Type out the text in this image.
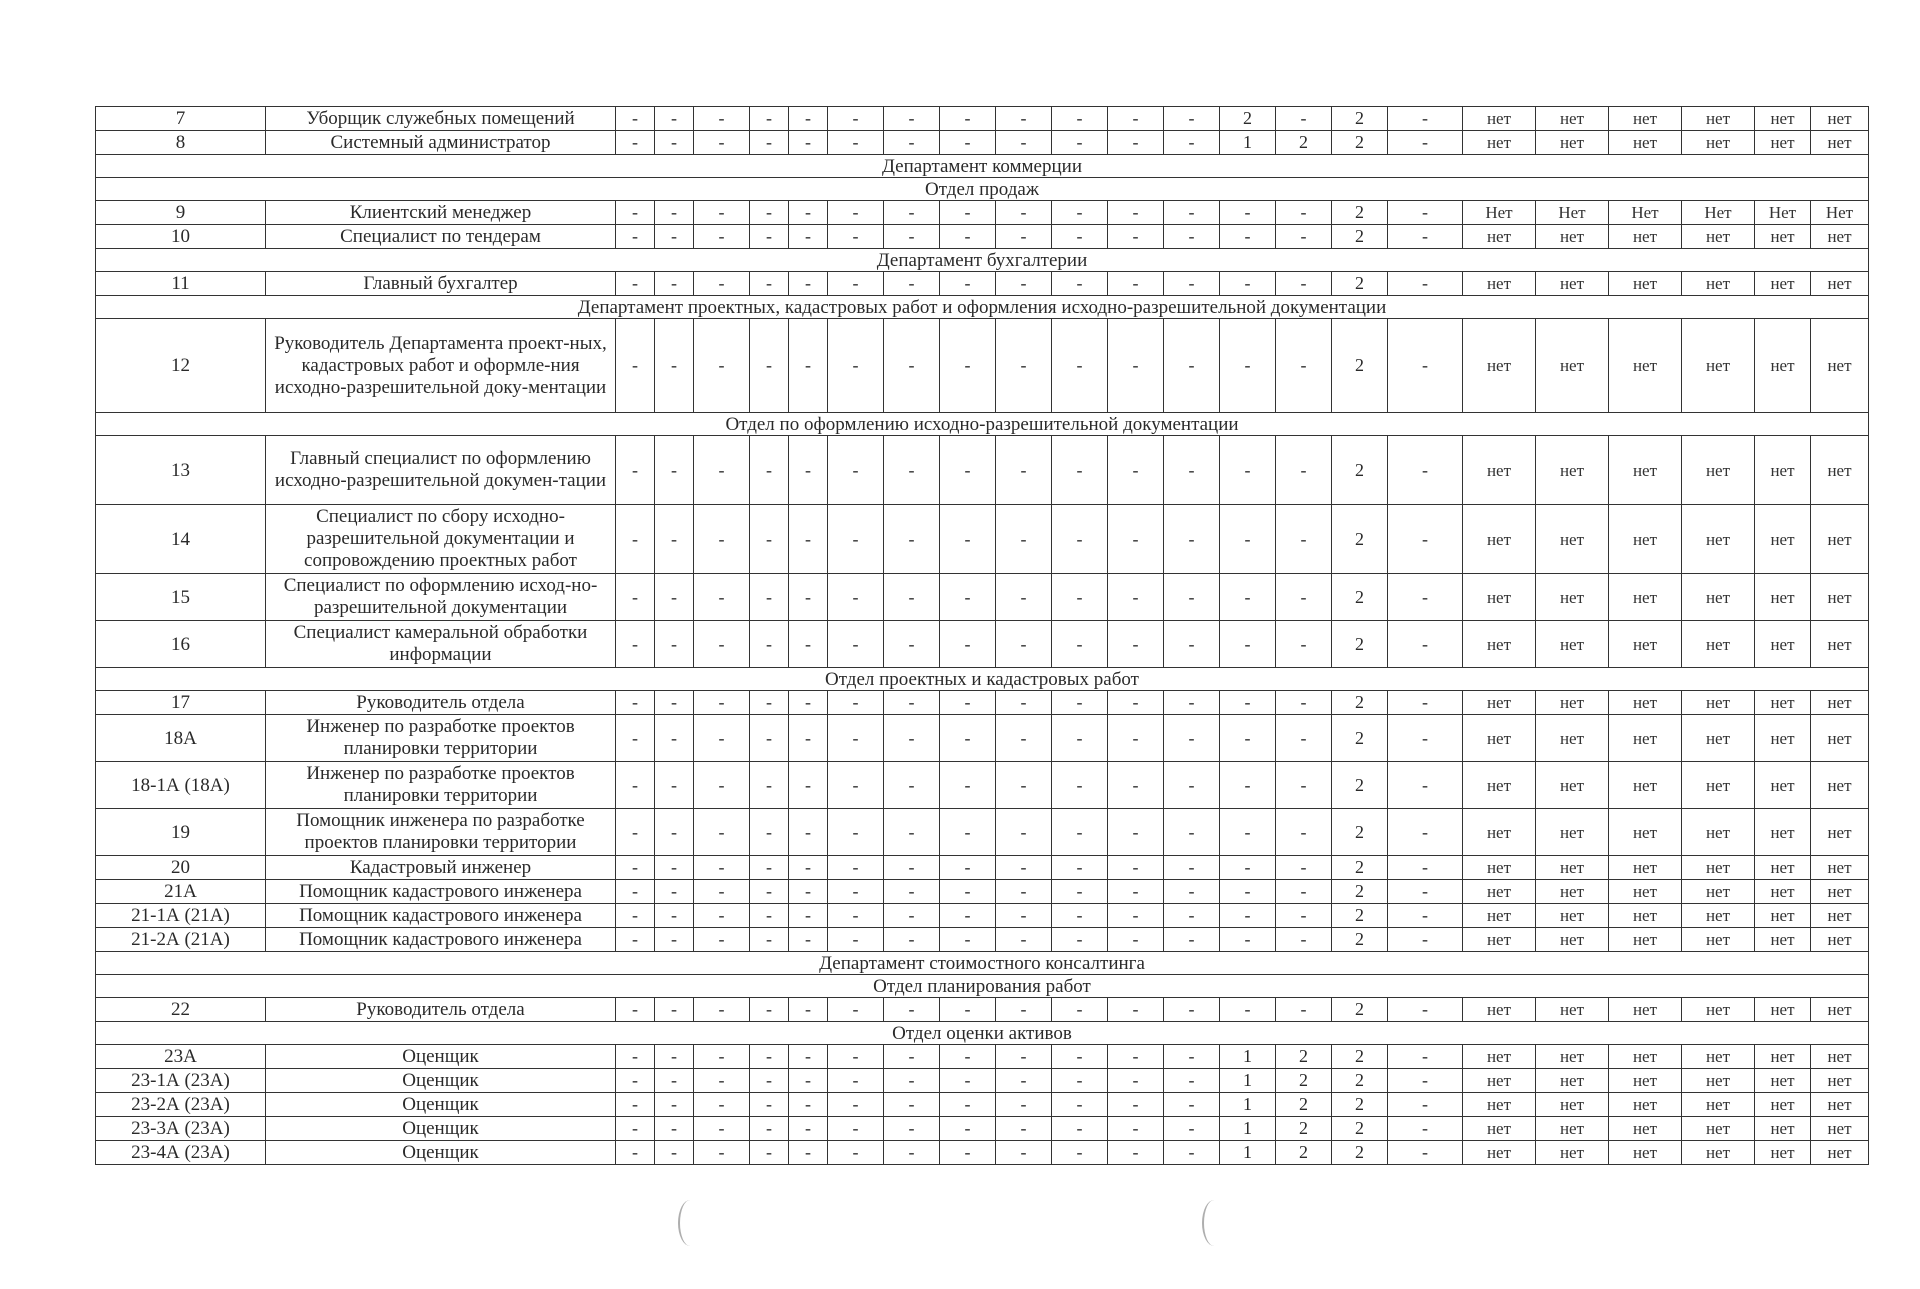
7	Уборщик служебных помещений	-	-	-	-	-	-	-	-	-	-	-	-	2	-	2	-	нет	нет	нет	нет	нет	нет
8	Системный администратор	-	-	-	-	-	-	-	-	-	-	-	-	1	2	2	-	нет	нет	нет	нет	нет	нет
Департамент коммерции																							
Отдел продаж																							
9	Клиентский менеджер	-	-	-	-	-	-	-	-	-	-	-	-	-	-	2	-	Нет	Нет	Нет	Нет	Нет	Нет
10	Специалист по тендерам	-	-	-	-	-	-	-	-	-	-	-	-	-	-	2	-	нет	нет	нет	нет	нет	нет
Департамент бухгалтерии																							
11	Главный бухгалтер	-	-	-	-	-	-	-	-	-	-	-	-	-	-	2	-	нет	нет	нет	нет	нет	нет
Департамент проектных, кадастровых работ и оформления исходно-разрешительной документации																							
12	Руководитель Департамента проект-ных, кадастровых работ и оформле-ния исходно-разрешительной доку-ментации	-	-	-	-	-	-	-	-	-	-	-	-	-	-	2	-	нет	нет	нет	нет	нет	нет
Отдел по оформлению исходно-разрешительной документации																							
13	Главный специалист по оформлению исходно-разрешительной докумен-тации	-	-	-	-	-	-	-	-	-	-	-	-	-	-	2	-	нет	нет	нет	нет	нет	нет
14	Специалист по сбору исходно-разрешительной документации и сопровождению проектных работ	-	-	-	-	-	-	-	-	-	-	-	-	-	-	2	-	нет	нет	нет	нет	нет	нет
15	Специалист по оформлению исход-но-разрешительной документации	-	-	-	-	-	-	-	-	-	-	-	-	-	-	2	-	нет	нет	нет	нет	нет	нет
16	Специалист камеральной обработки информации	-	-	-	-	-	-	-	-	-	-	-	-	-	-	2	-	нет	нет	нет	нет	нет	нет
Отдел проектных и кадастровых работ																							
17	Руководитель отдела	-	-	-	-	-	-	-	-	-	-	-	-	-	-	2	-	нет	нет	нет	нет	нет	нет
18А	Инженер по разработке проектов планировки территории	-	-	-	-	-	-	-	-	-	-	-	-	-	-	2	-	нет	нет	нет	нет	нет	нет
18-1А (18А)	Инженер по разработке проектов планировки территории	-	-	-	-	-	-	-	-	-	-	-	-	-	-	2	-	нет	нет	нет	нет	нет	нет
19	Помощник инженера по разработке проектов планировки территории	-	-	-	-	-	-	-	-	-	-	-	-	-	-	2	-	нет	нет	нет	нет	нет	нет
20	Кадастровый инженер	-	-	-	-	-	-	-	-	-	-	-	-	-	-	2	-	нет	нет	нет	нет	нет	нет
21А	Помощник кадастрового инженера	-	-	-	-	-	-	-	-	-	-	-	-	-	-	2	-	нет	нет	нет	нет	нет	нет
21-1А (21А)	Помощник кадастрового инженера	-	-	-	-	-	-	-	-	-	-	-	-	-	-	2	-	нет	нет	нет	нет	нет	нет
21-2А (21А)	Помощник кадастрового инженера	-	-	-	-	-	-	-	-	-	-	-	-	-	-	2	-	нет	нет	нет	нет	нет	нет
Департамент стоимостного консалтинга																							
Отдел планирования работ																							
22	Руководитель отдела	-	-	-	-	-	-	-	-	-	-	-	-	-	-	2	-	нет	нет	нет	нет	нет	нет
Отдел оценки активов																							
23А	Оценщик	-	-	-	-	-	-	-	-	-	-	-	-	1	2	2	-	нет	нет	нет	нет	нет	нет
23-1А (23А)	Оценщик	-	-	-	-	-	-	-	-	-	-	-	-	1	2	2	-	нет	нет	нет	нет	нет	нет
23-2А (23А)	Оценщик	-	-	-	-	-	-	-	-	-	-	-	-	1	2	2	-	нет	нет	нет	нет	нет	нет
23-3А (23А)	Оценщик	-	-	-	-	-	-	-	-	-	-	-	-	1	2	2	-	нет	нет	нет	нет	нет	нет
23-4А (23А)	Оценщик	-	-	-	-	-	-	-	-	-	-	-	-	1	2	2	-	нет	нет	нет	нет	нет	нет
